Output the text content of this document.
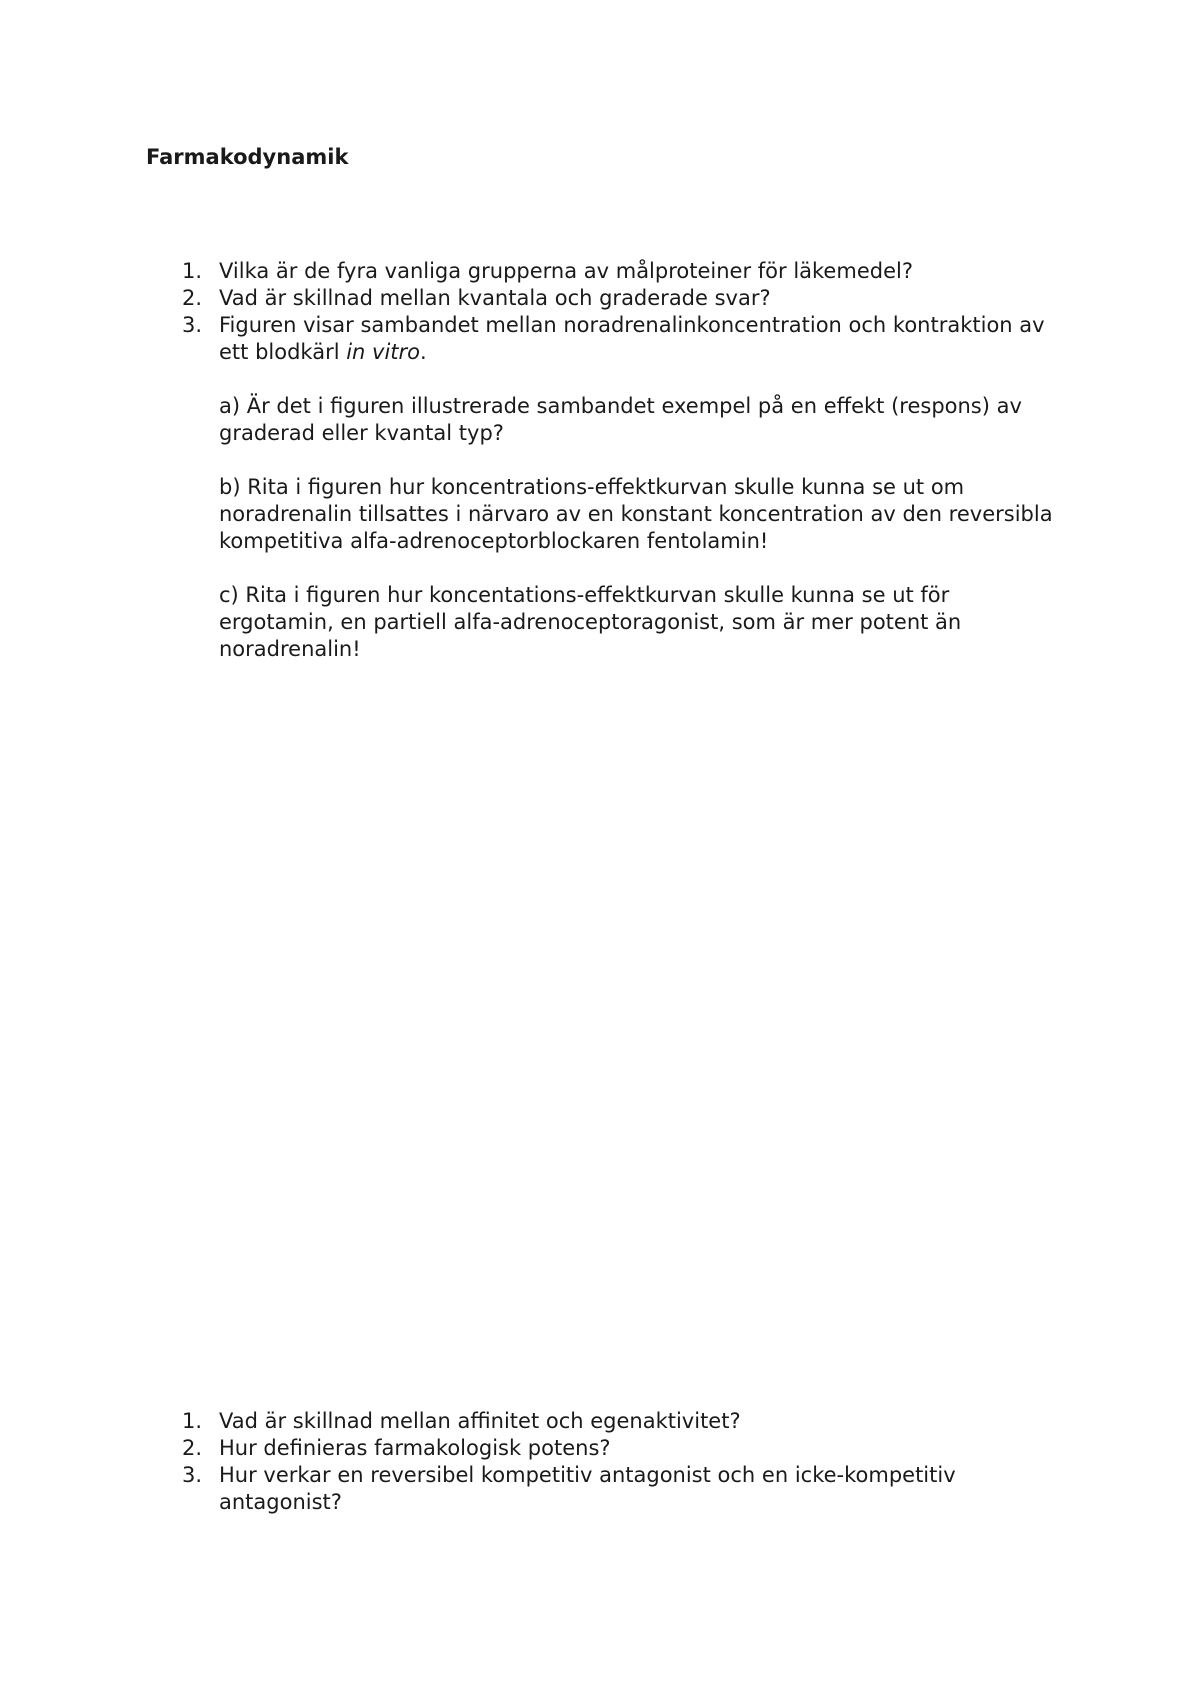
Farmakodynamik
1. Vilka är de fyra vanliga grupperna av målproteiner för läkemedel?
2. Vad är skillnad mellan kvantala och graderade svar?
3. Figuren visar sambandet mellan noradrenalinkoncentration och kontraktion av ett blodkärl in vitro.
a) Är det i figuren illustrerade sambandet exempel på en effekt (respons) av graderad eller kvantal typ?
b) Rita i figuren hur koncentrations-effektkurvan skulle kunna se ut om noradrenalin tillsattes i närvaro av en konstant koncentration av den reversibla kompetitiva alfa-adrenoceptorblockaren fentolamin!
c) Rita i figuren hur koncentations-effektkurvan skulle kunna se ut för ergotamin, en partiell alfa-adrenoceptoragonist, som är mer potent än noradrenalin!
1. Vad är skillnad mellan affinitet och egenaktivitet?
2. Hur definieras farmakologisk potens?
3. Hur verkar en reversibel kompetitiv antagonist och en icke-kompetitiv antagonist?
